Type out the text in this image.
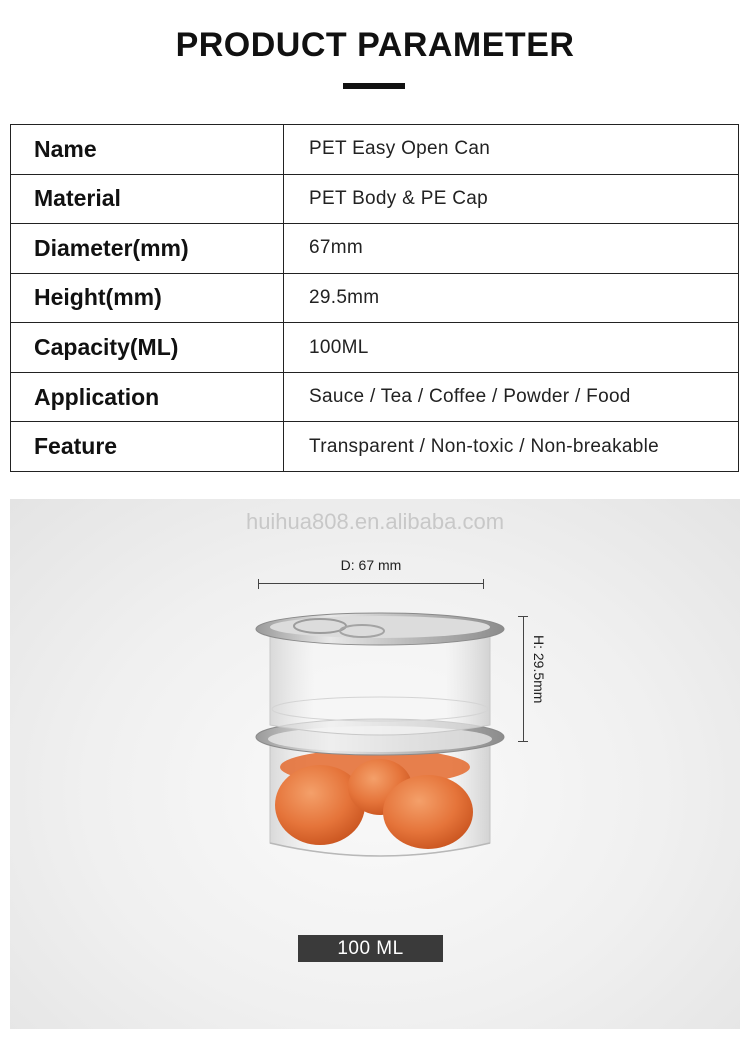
PRODUCT PARAMETER
Name	PET Easy Open Can
Material	PET Body & PE Cap
Diameter(mm)	67mm
Height(mm)	29.5mm
Capacity(ML)	100ML
Application	Sauce / Tea / Coffee / Powder / Food
Feature	Transparent / Non-toxic / Non-breakable
huihua808.en.alibaba.com
D: 67 mm
H: 29.5mm
100 ML
